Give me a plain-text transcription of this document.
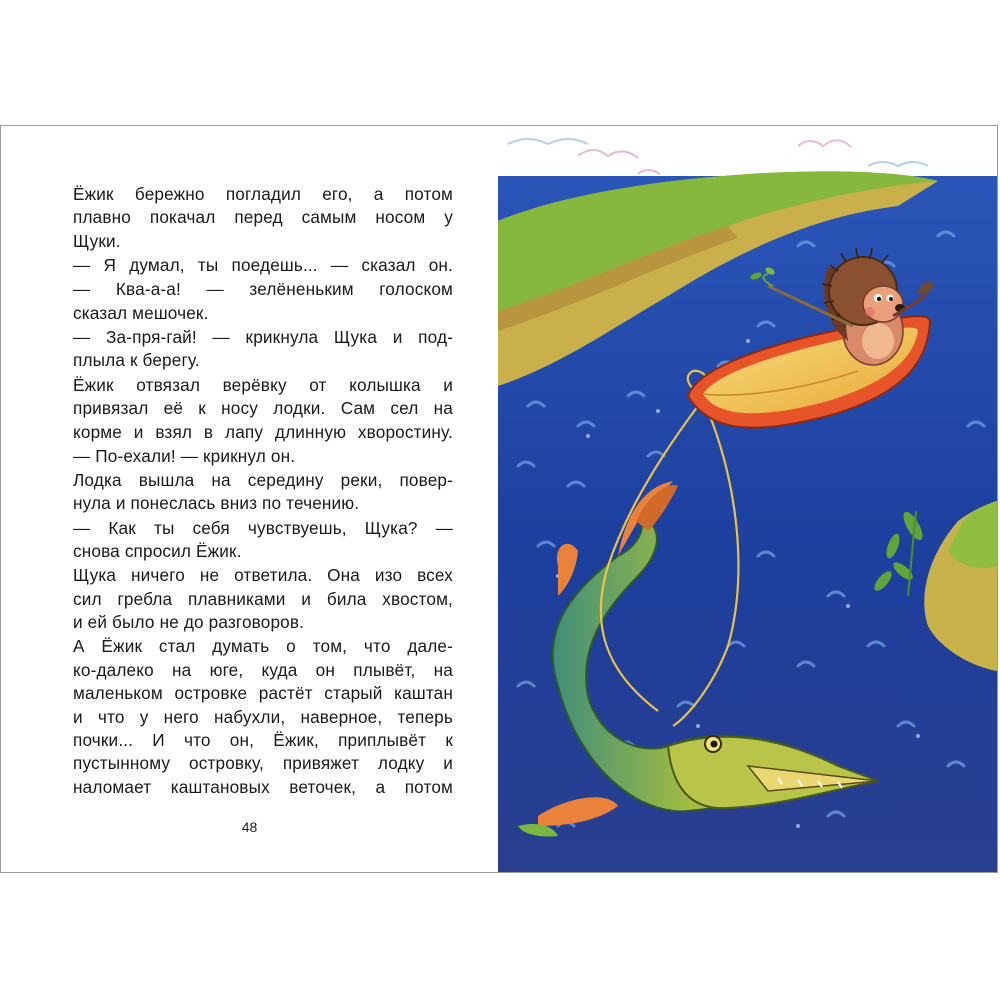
Ёжик бережно погладил его, а потом
плавно покачал перед самым носом у
Щуки.
— Я думал, ты поедешь... — сказал он.
— Ква-а-а! — зелёненьким голоском
сказал мешочек.
— За-пря-гай! — крикнула Щука и под-
плыла к берегу.
Ёжик отвязал верёвку от колышка и
привязал её к носу лодки. Сам сел на
корме и взял в лапу длинную хворостину.
— По-ехали! — крикнул он.
Лодка вышла на середину реки, повер-
нула и понеслась вниз по течению.
— Как ты себя чувствуешь, Щука? —
снова спросил Ёжик.
Щука ничего не ответила. Она изо всех
сил гребла плавниками и била хвостом,
и ей было не до разговоров.
А Ёжик стал думать о том, что дале-
ко-далеко на юге, куда он плывёт, на
маленьком островке растёт старый каштан
и что у него набухли, наверное, теперь
почки... И что он, Ёжик, приплывёт к
пустынному островку, привяжет лодку и
наломает каштановых веточек, а потом
48
